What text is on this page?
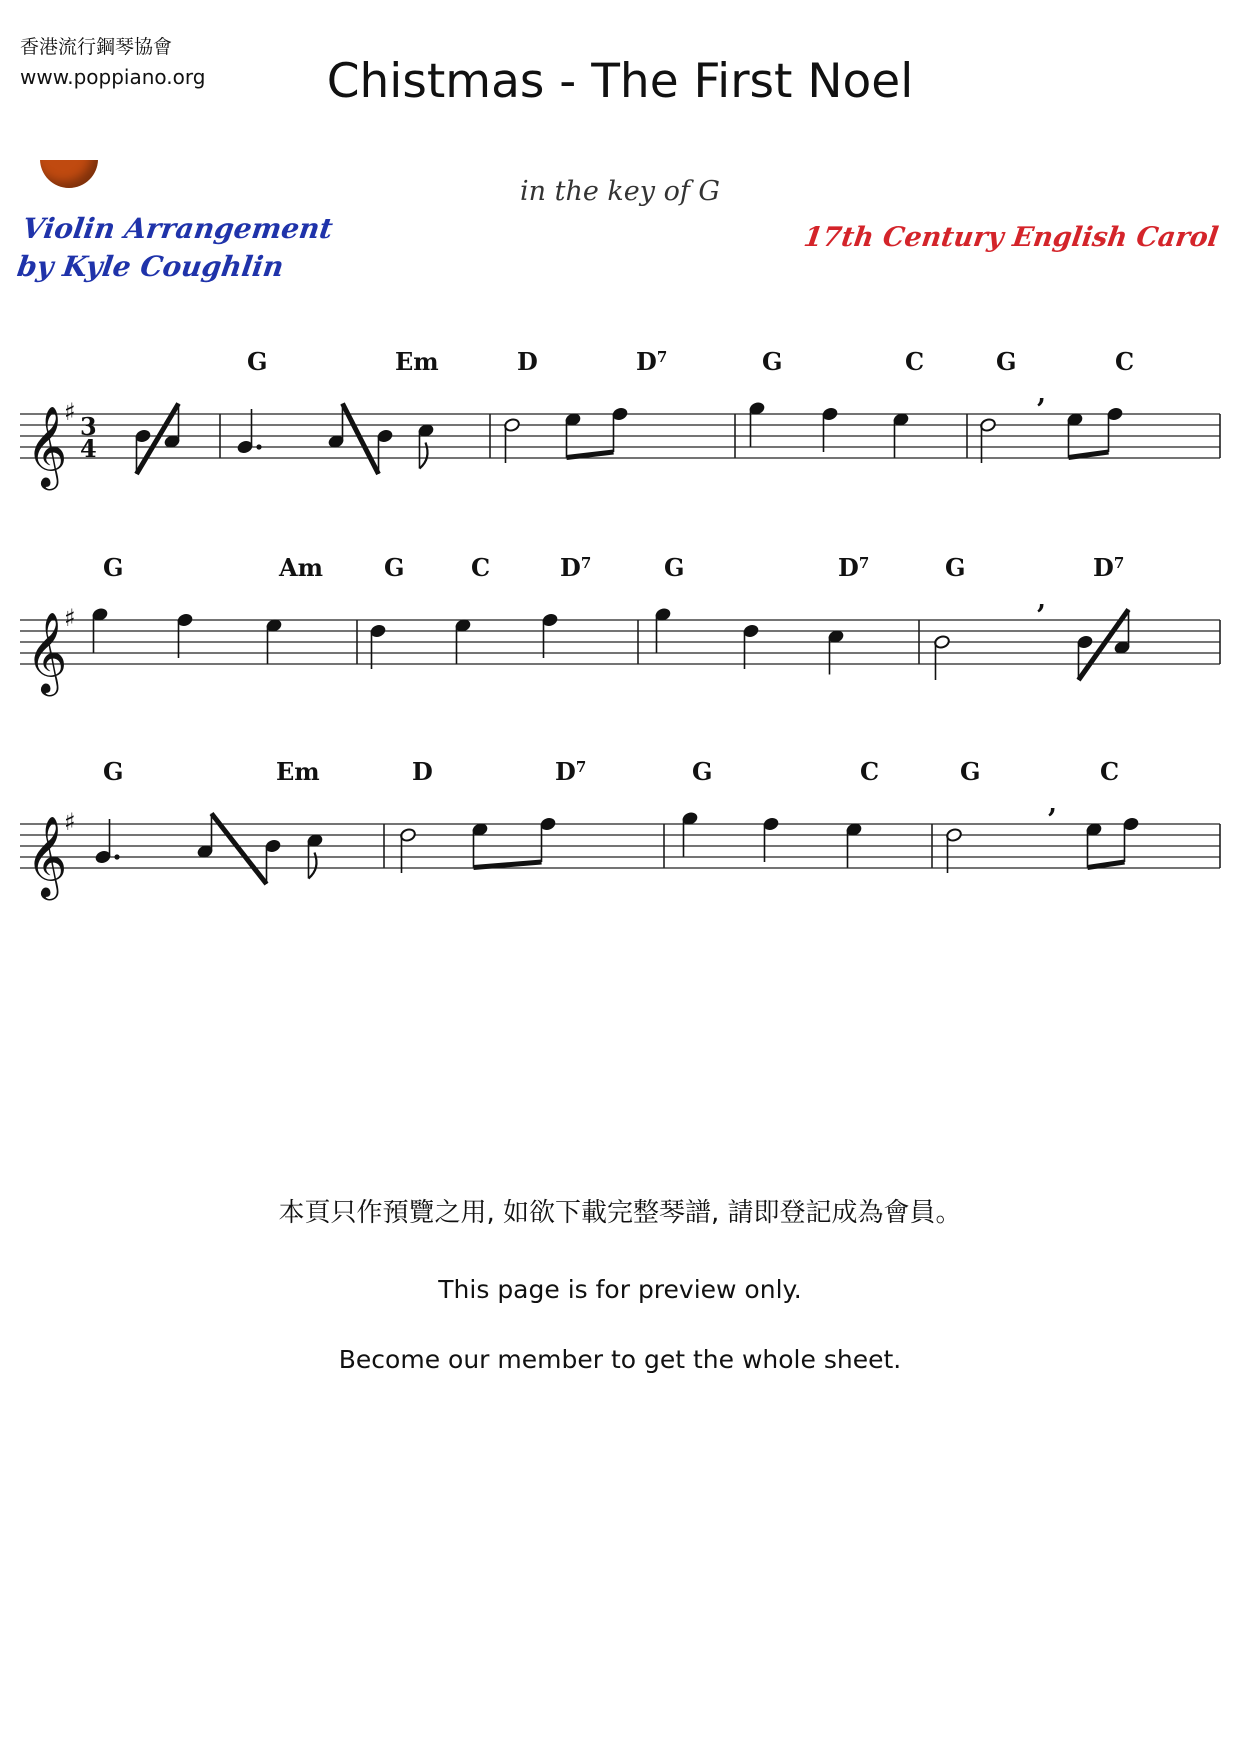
香港流行鋼琴協會
www.poppiano.org	Chistmas - The First Noel
in the key of G
Violin Arrangement
by Kyle Coughlin
17th Century English Carol
𝄞
♯ 3
4
G	Em	D	$D^7$	G	C	G	C
,
𝄞
♯
G	Am	G	C	$D^7$	G	$D^7$	G	$D^7$
,
𝄞
♯
G	Em	D	$D^7$	G	C	G	C
,
本頁只作預覽之用, 如欲下載完整琴譜, 請即登記成為會員。
This page is for preview only.
Become our member to get the whole sheet.
